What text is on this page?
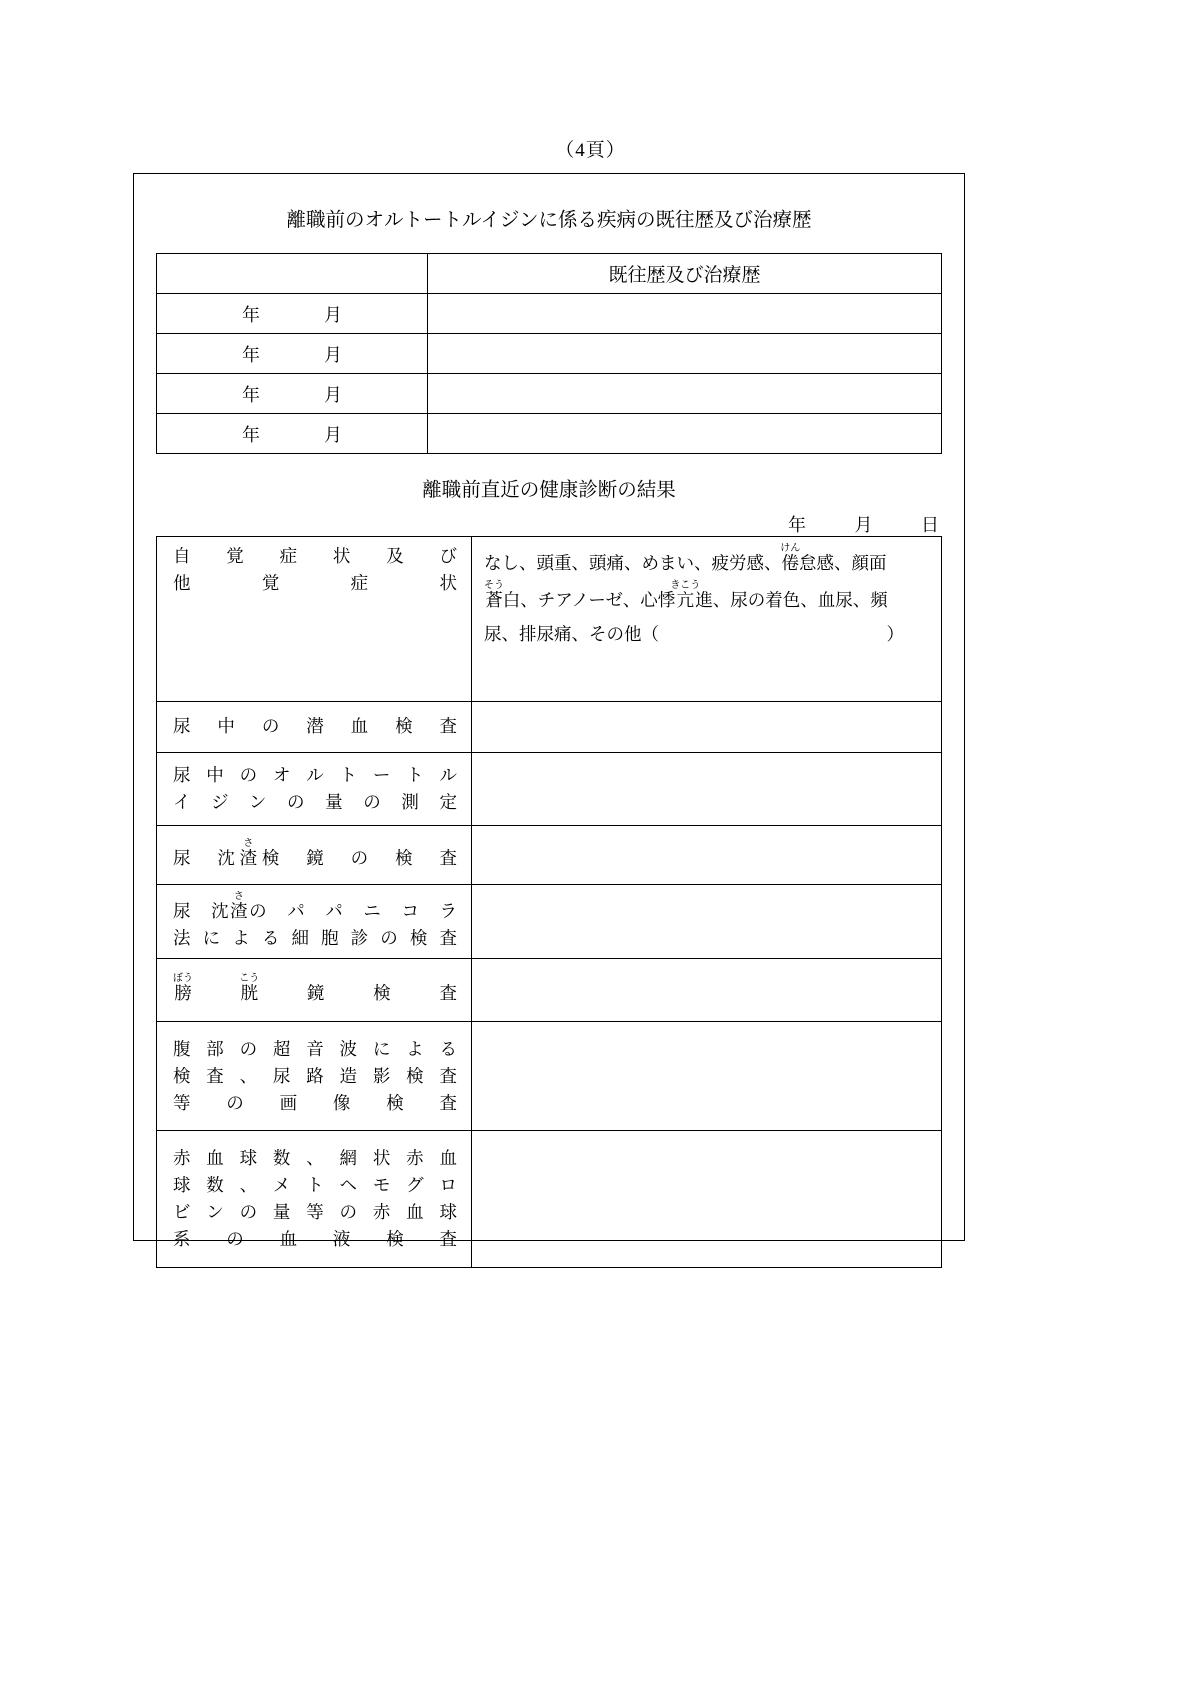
（4頁）
離職前のオルトートルイジンに係る疾病の既往歴及び治療歴
	既往歴及び治療歴

年 月	

年 月	

年 月	

年 月	

離職前直近の健康診断の結果
年	月	日
自　覚　症　状　及　び
他　　覚　　症　　状	なし、頭重、頭痛、めまい、疲労感、倦けん怠感、顔面
蒼そう白、チアノーゼ、心悸亢きこう進、尿の着色、血尿、頻
尿、排尿痛、その他（　　　　　　　　　　　　　）

尿中の潜血検査	

尿中のオルトートル
イジンの量の測定	

尿　沈渣さ検　鏡　の　検　査	

尿　沈渣さの　パ　パ　ニ　コ　ラ
法による細胞診の検査	

膀ぼう　胱こう　鏡　検　査	

腹部の超音波による
検査、尿路造影検査
等の画像検査	

赤血球数、網状赤血
球数、メトヘモグロ
ビンの量等の赤血球
系の血液検査	
